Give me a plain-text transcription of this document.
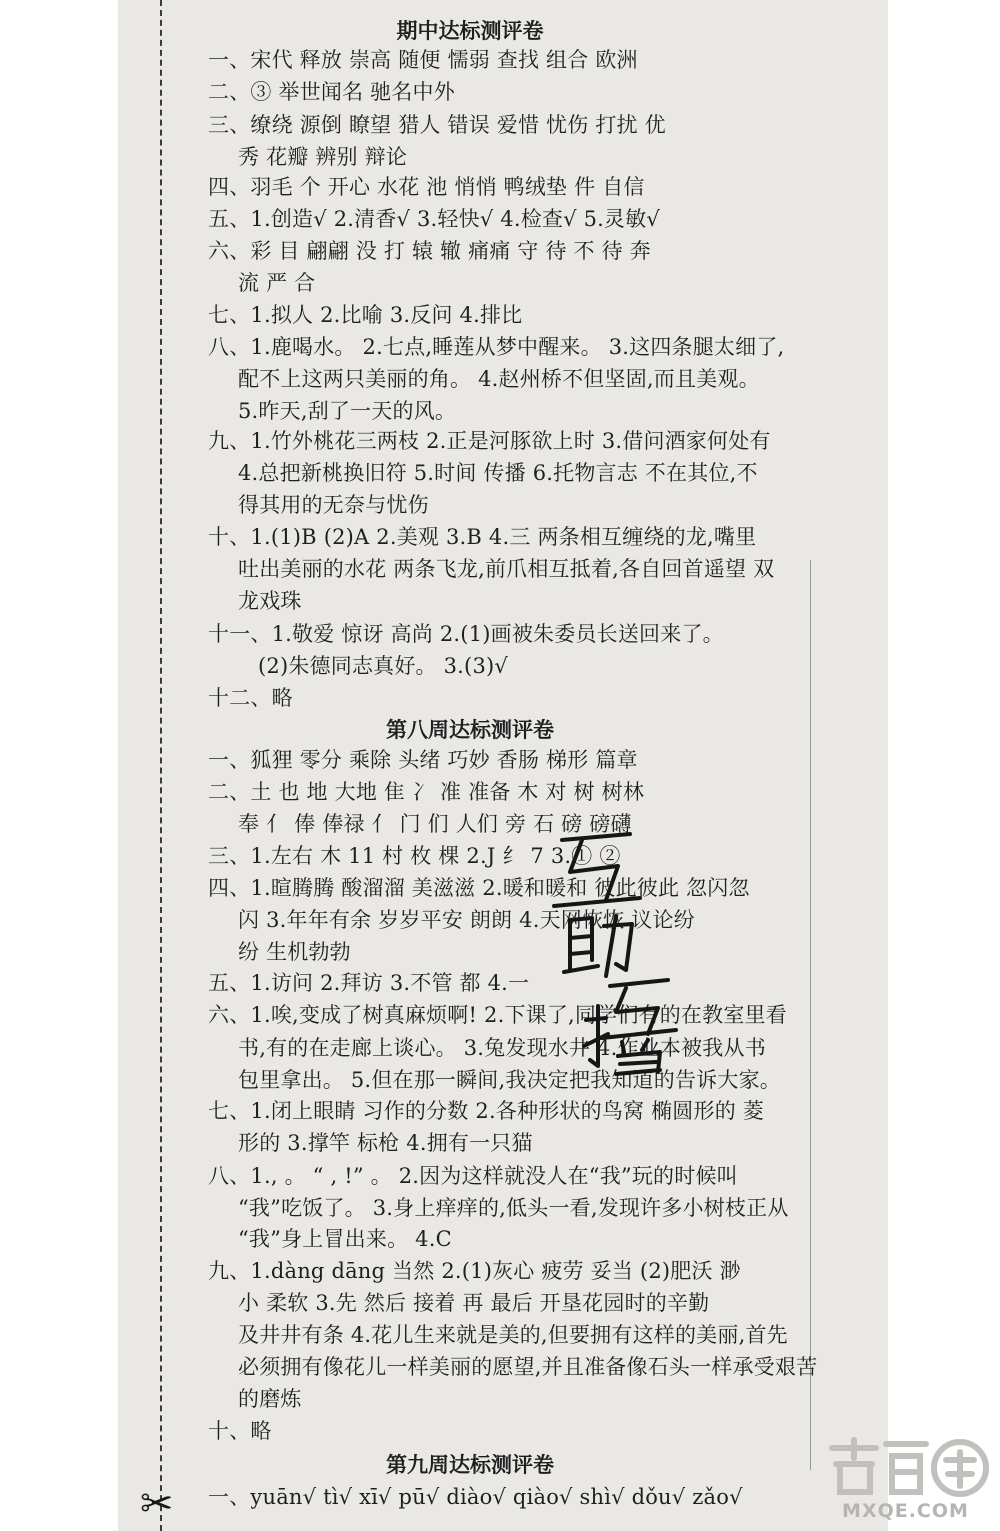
✂
期中达标测评卷
一、宋代 释放 崇高 随便 懦弱 查找 组合 欧洲
二、③ 举世闻名 驰名中外
三、缭绕 源倒 瞭望 猎人 错误 爱惜 忧伤 打扰 优
秀 花瓣 辨别 辩论
四、羽毛 个 开心 水花 池 悄悄 鸭绒垫 件 自信
五、1.创造√ 2.清香√ 3.轻快√ 4.检查√ 5.灵敏√
六、彩 目 翩翩 没 打 辕 辙 痛痛 守 待 不 待 奔
流 严 合
七、1.拟人 2.比喻 3.反问 4.排比
八、1.鹿喝水。 2.七点,睡莲从梦中醒来。 3.这四条腿太细了,
配不上这两只美丽的角。 4.赵州桥不但坚固,而且美观。
5.昨天,刮了一天的风。
九、1.竹外桃花三两枝 2.正是河豚欲上时 3.借问酒家何处有
4.总把新桃换旧符 5.时间 传播 6.托物言志 不在其位,不
得其用的无奈与忧伤
十、1.(1)B (2)A 2.美观 3.B 4.三 两条相互缠绕的龙,嘴里
吐出美丽的水花 两条飞龙,前爪相互抵着,各自回首遥望 双
龙戏珠
十一、1.敬爱 惊讶 高尚 2.(1)画被朱委员长送回来了。
(2)朱德同志真好。 3.(3)√
十二、略
第八周达标测评卷
一、狐狸 零分 乘除 头绪 巧妙 香肠 梯形 篇章
二、土 也 地 大地 隹 冫 准 准备 木 对 树 树林
奉 亻 俸 俸禄 亻 门 们 人们 旁 石 磅 磅礴
三、1.左右 木 11 村 枚 棵 2.J 纟 7 3.① ②
四、1.暄腾腾 酸溜溜 美滋滋 2.暖和暖和 彼此彼此 忽闪忽
闪 3.年年有余 岁岁平安 朗朗 4.天网恢恢 议论纷
纷 生机勃勃
五、1.访问 2.拜访 3.不管 都 4.一
六、1.唉,变成了树真麻烦啊! 2.下课了,同学们有的在教室里看
书,有的在走廊上谈心。 3.兔发现水井 4.作业本被我从书
包里拿出。 5.但在那一瞬间,我决定把我知道的告诉大家。
七、1.闭上眼睛 习作的分数 2.各种形状的鸟窝 椭圆形的 菱
形的 3.撑竿 标枪 4.拥有一只猫
八、1., 。 “ , !” 。 2.因为这样就没人在“我”玩的时候叫
“我”吃饭了。 3.身上痒痒的,低头一看,发现许多小树枝正从
“我”身上冒出来。 4.C
九、1.dàng dāng 当然 2.(1)灰心 疲劳 妥当 (2)肥沃 渺
小 柔软 3.先 然后 接着 再 最后 开垦花园时的辛勤
及井井有条 4.花儿生来就是美的,但要拥有这样的美丽,首先
必须拥有像花儿一样美丽的愿望,并且准备像石头一样承受艰苦
的磨炼
十、略
第九周达标测评卷
一、yuān√ tì√ xī√ pū√ diào√ qiào√ shì√ dǒu√ zǎo√
MXQE.COM
